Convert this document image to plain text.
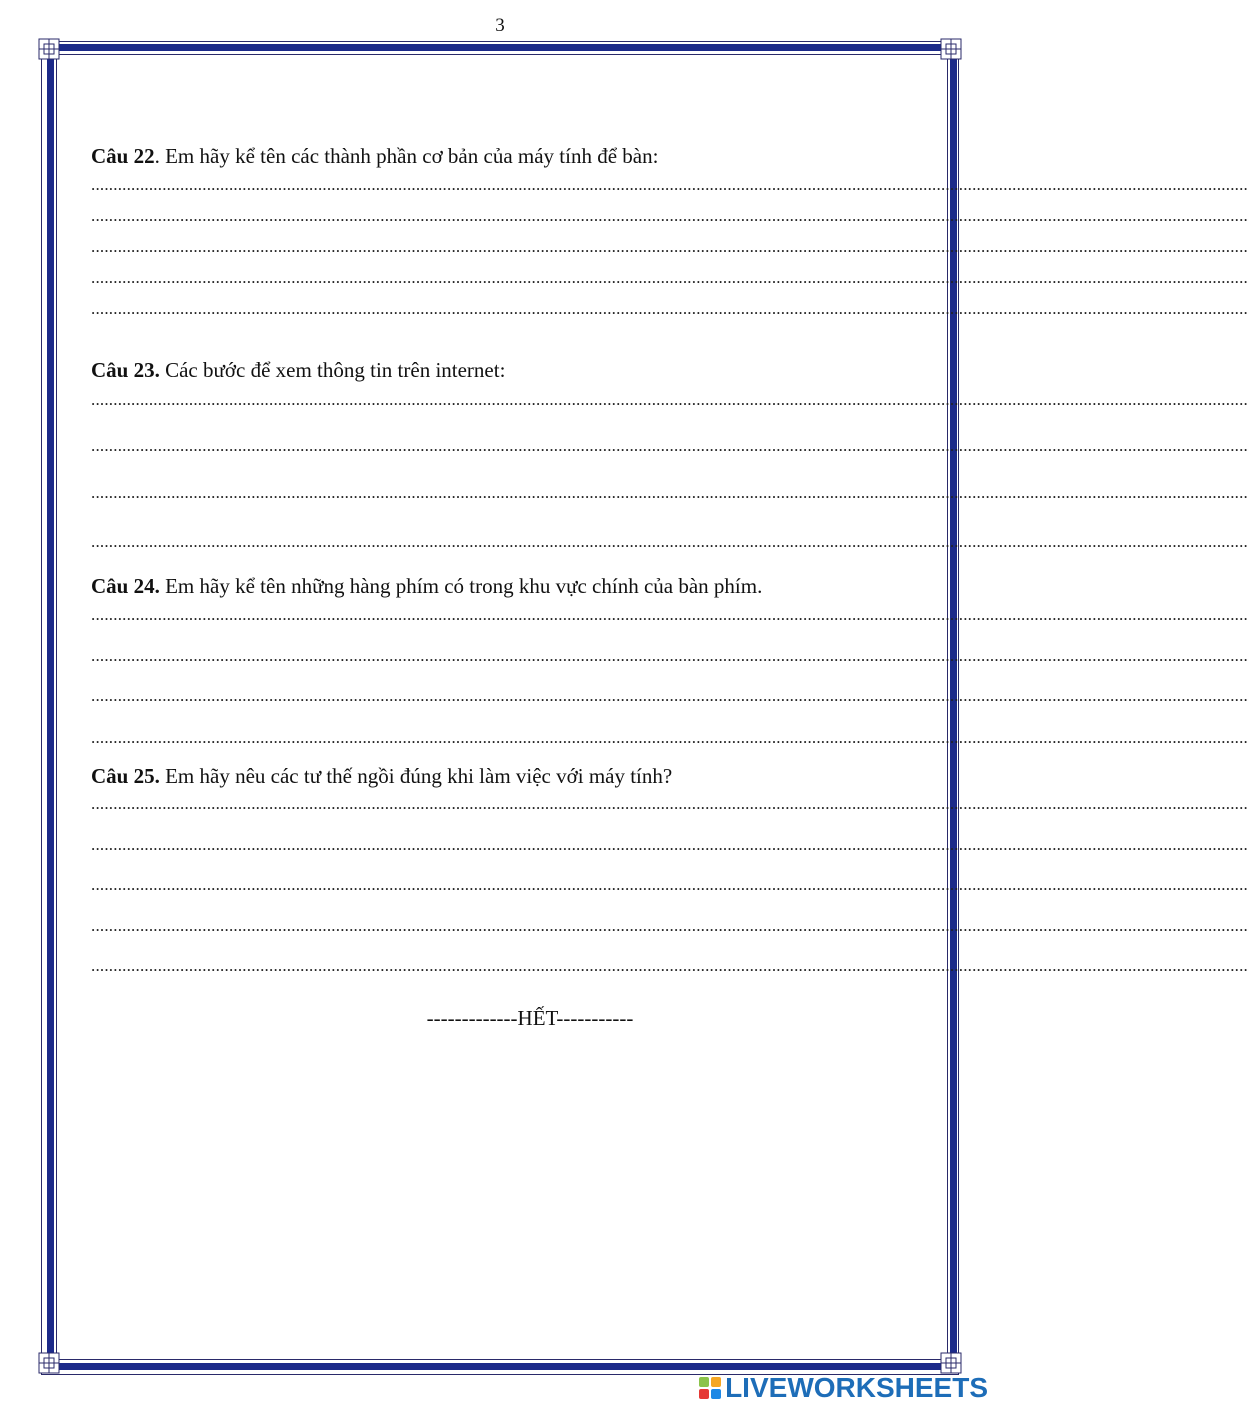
3
Câu 22. Em hãy kể tên các thành phần cơ bản của máy tính để bàn:
....................................................................................................................................................................................................................................................................
....................................................................................................................................................................................................................................................................
....................................................................................................................................................................................................................................................................
....................................................................................................................................................................................................................................................................
....................................................................................................................................................................................................................................................................
Câu 23. Các bước để xem thông tin trên internet:
....................................................................................................................................................................................................................................................................
....................................................................................................................................................................................................................................................................
....................................................................................................................................................................................................................................................................
....................................................................................................................................................................................................................................................................
Câu 24. Em hãy kể tên những hàng phím có trong khu vực chính của bàn phím.
....................................................................................................................................................................................................................................................................
....................................................................................................................................................................................................................................................................
....................................................................................................................................................................................................................................................................
....................................................................................................................................................................................................................................................................
Câu 25. Em hãy nêu các tư thế ngồi đúng khi làm việc với máy tính?
....................................................................................................................................................................................................................................................................
....................................................................................................................................................................................................................................................................
....................................................................................................................................................................................................................................................................
....................................................................................................................................................................................................................................................................
....................................................................................................................................................................................................................................................................
-------------HẾT-----------
LIVEWORKSHEETS
